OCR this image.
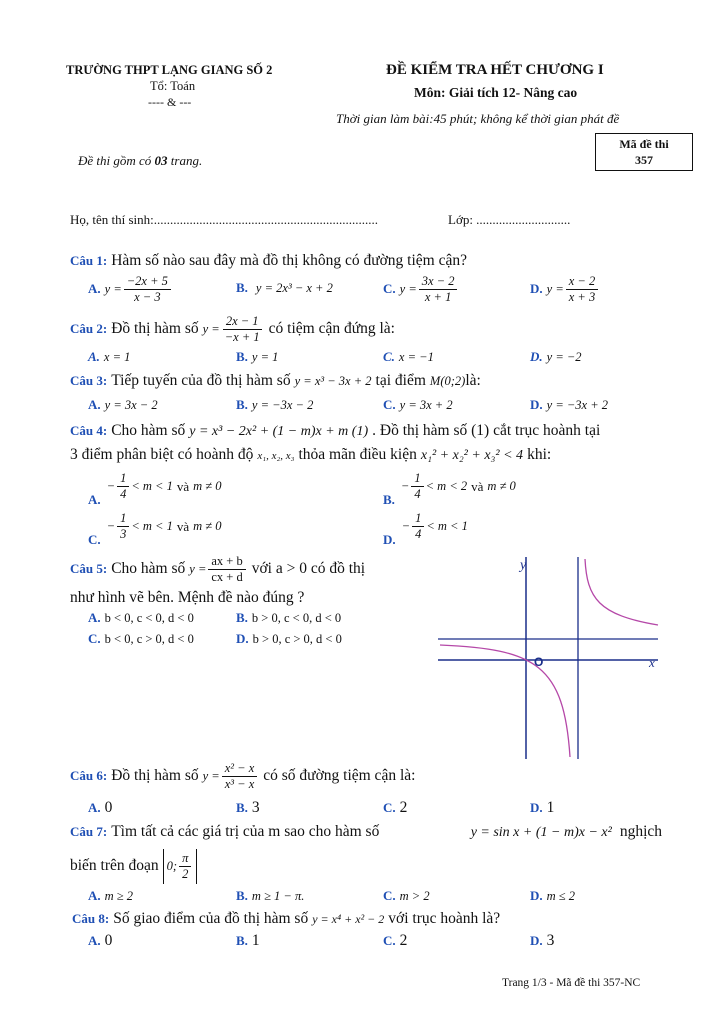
TRƯỜNG THPT LẠNG GIANG SỐ 2
Tổ: Toán
---- & ---
ĐỀ KIỂM TRA HẾT CHƯƠNG I
Môn: Giải tích 12- Nâng cao
Thời gian làm bài:45 phút; không kể thời gian phát đề
Đề thi gồm có 03 trang.
Mã đề thi
357
Họ, tên thí sinh:.....................................................................	Lớp: .............................
Câu 1: Hàm số nào sau đây mà đồ thị không có đường tiệm cận?
A.
$y = \frac{-2x + 5}{x - 3}$	B. y = 2x³ − x + 2	C.
$y = \frac{3x - 2}{x + 1}$	D.
$y = \frac{x - 2}{x + 3}$
Câu 2:
Đồ thị hàm số
$y = \frac{2x - 1}{-x + 1}$
có tiệm cận đứng là:
A. x = 1	B. y = 1	C. x = −1	D. y = −2
Câu 3: Tiếp tuyến của đồ thị hàm số y = x³ − 3x + 2 tại điểm M(0;2)là:
A. y = 3x − 2	B. y = −3x − 2	C. y = 3x + 2	D. y = −3x + 2
Câu 4: Cho hàm số y = x³ − 2x² + (1 − m)x + m (1) . Đồ thị hàm số (1) cắt trục hoành tại
3 điểm phân biệt có hoành độ x₁, x₂, x₃ thỏa mãn điều kiện x₁² + x₂² + x₃² < 4 khi:
A.
− $\frac{1}{4} < m < 1$
và
m ≠ 0
B.
− $\frac{1}{4} < m < 2$
và
m ≠ 0
C.
− $\frac{1}{3} < m < 1$
và
m ≠ 0
D.
− $\frac{1}{4} < m < 1$
Câu 5:
Cho hàm số
$y = \frac{ax + b}{cx + d}$
với a > 0 có đồ thị
như hình vẽ bên. Mệnh đề nào đúng ?
A. b < 0, c < 0, d < 0	B. b > 0, c < 0, d < 0
C. b < 0, c > 0, d < 0	D. b > 0, c > 0, d < 0
y
x
O
Câu 6:
Đồ thị hàm số
$y = \frac{\text{x² − x}}{\text{x³ − x}}$
có số đường tiệm cận là:
A. 0	B. 3	C. 2	D. 1
Câu 7: Tìm tất cả các giá trị của m sao cho hàm số	y = sin x + (1 − m)x − x² nghịch
biến trên đoạn
0; $\frac{\pi}{2}$
A. m ≥ 2	B. m ≥ 1 − π.	C. m > 2	D. m ≤ 2
Câu 8: Số giao điểm của đồ thị hàm số y = x⁴ + x² − 2 với trục hoành là?
A. 0	B. 1	C. 2	D. 3
Trang 1/3 - Mã đề thi 357-NC
